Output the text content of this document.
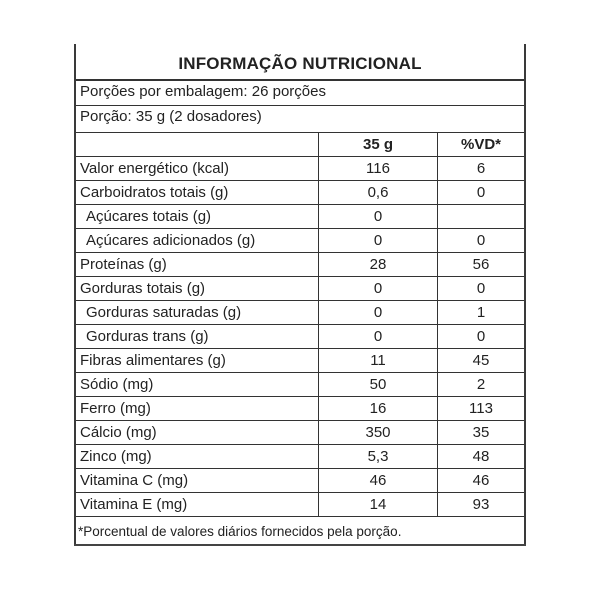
INFORMAÇÃO NUTRICIONAL
Porções por embalagem: 26 porções
Porção: 35 g (2 dosadores)
	35 g	%VD*
Valor energético (kcal)	116	6
Carboidratos totais (g)	0,6	0
Açúcares totais (g)	0	
Açúcares adicionados (g)	0	0
Proteínas (g)	28	56
Gorduras totais (g)	0	0
Gorduras saturadas (g)	0	1
Gorduras trans (g)	0	0
Fibras alimentares (g)	11	45
Sódio (mg)	50	2
Ferro (mg)	16	113
Cálcio (mg)	350	35
Zinco (mg)	5,3	48
Vitamina C (mg)	46	46
Vitamina E (mg)	14	93
*Porcentual de valores diários fornecidos pela porção.
